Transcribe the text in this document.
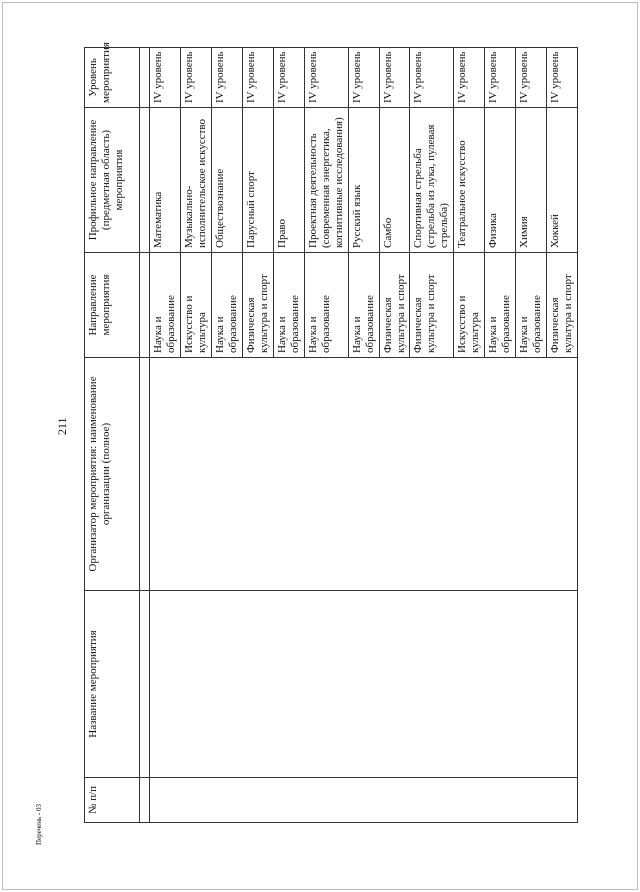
211
Перечень - 03
№ п/п	Название мероприятия	Организатор мероприятия: наименование организации (полное)	Направление мероприятия	Профильное направление (предметная область) мероприятия	Уровень мероприятия

			Наука и образование	Математика	IV уровень
			Искусство и культура	Музыкально-исполнительское искусство	IV уровень
			Наука и образование	Обществознание	IV уровень
			Физическая культура и спорт	Парусный спорт	IV уровень
			Наука и образование	Право	IV уровень
			Наука и образование	Проектная деятельность (современная энергетика, когнитивные исследования)	IV уровень
			Наука и образование	Русский язык	IV уровень
			Физическая культура и спорт	Самбо	IV уровень
			Физическая культура и спорт	Спортивная стрельба (стрельба из лука, пулевая стрельба)	IV уровень
			Искусство и культура	Театральное искусство	IV уровень
			Наука и образование	Физика	IV уровень
			Наука и образование	Химия	IV уровень
			Физическая культура и спорт	Хоккей	IV уровень
